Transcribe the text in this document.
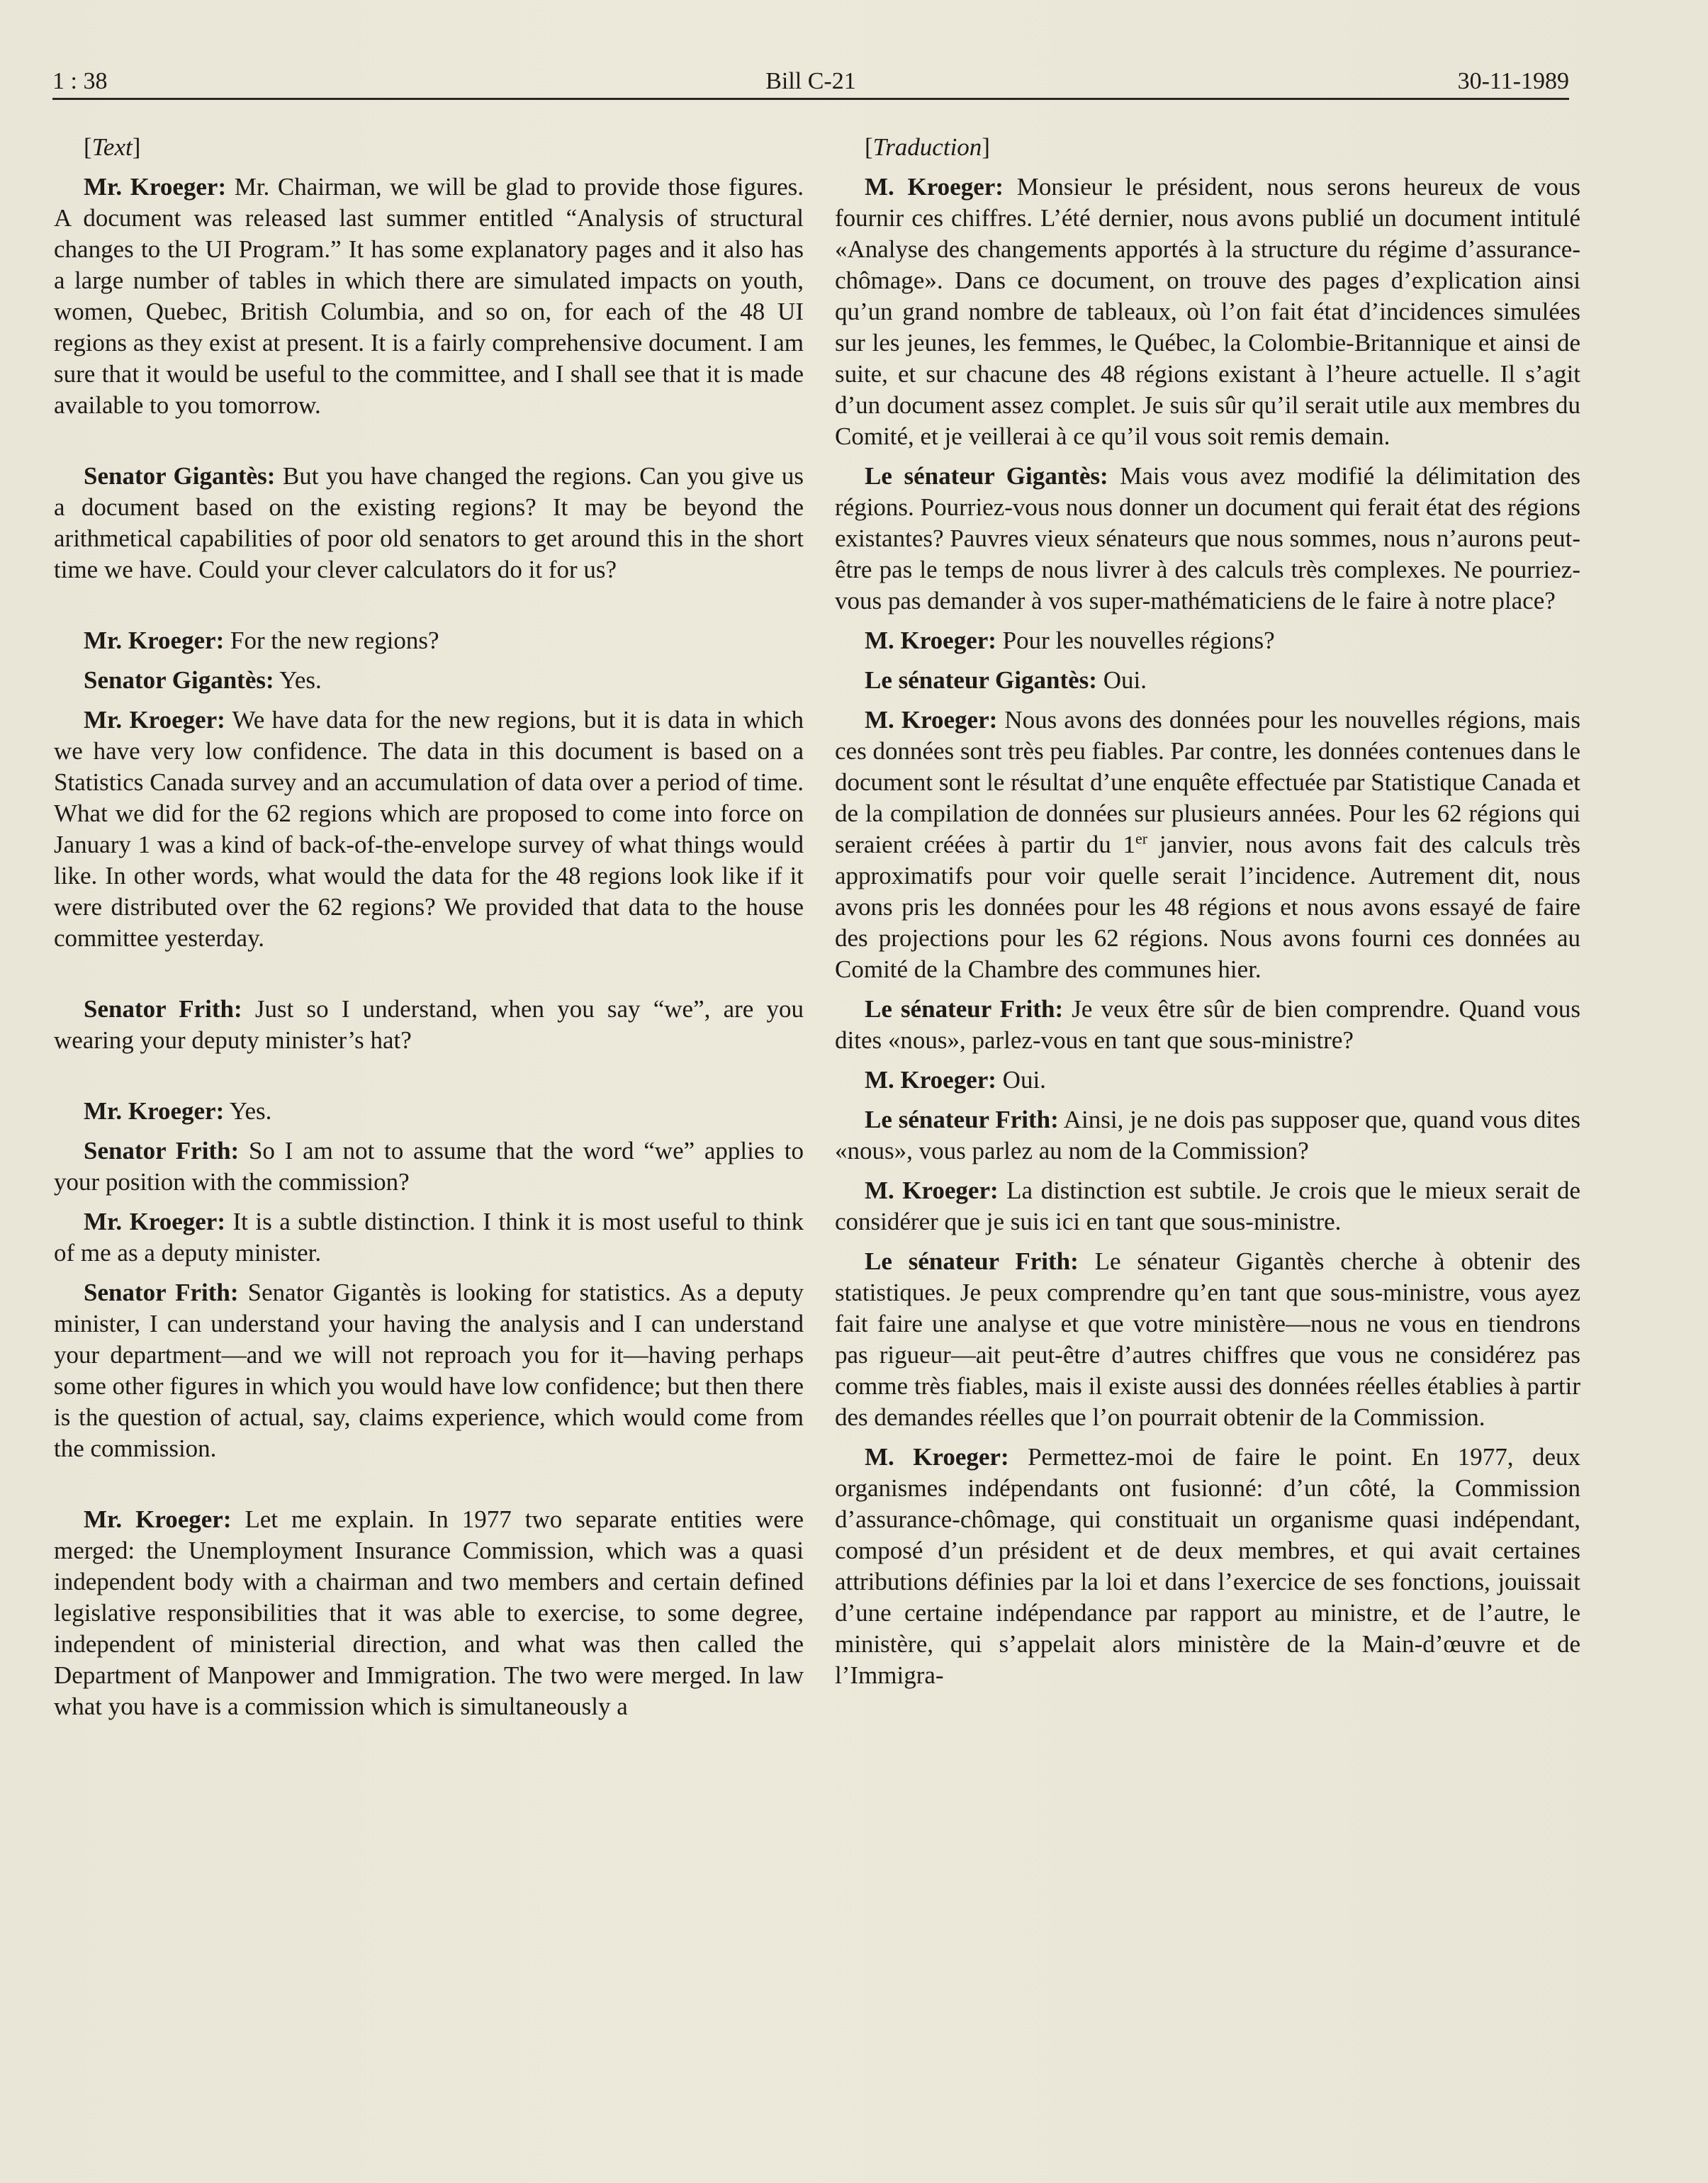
1 : 38	Bill C-21	30-11-1989

[Text]

Mr. Kroeger: Mr. Chairman, we will be glad to provide those figures. A document was released last summer entitled “Analysis of structural changes to the UI Program.” It has some explanatory pages and it also has a large number of tables in which there are simulated impacts on youth, women, Quebec, British Columbia, and so on, for each of the 48 UI regions as they exist at present. It is a fairly comprehensive document. I am sure that it would be useful to the committee, and I shall see that it is made available to you tomorrow.

Senator Gigantès: But you have changed the regions. Can you give us a document based on the existing regions? It may be beyond the arithmetical capabilities of poor old senators to get around this in the short time we have. Could your clever calculators do it for us?

Mr. Kroeger: For the new regions?

Senator Gigantès: Yes.

Mr. Kroeger: We have data for the new regions, but it is data in which we have very low confidence. The data in this document is based on a Statistics Canada survey and an accumulation of data over a period of time. What we did for the 62 regions which are proposed to come into force on January 1 was a kind of back-of-the-envelope survey of what things would like. In other words, what would the data for the 48 regions look like if it were distributed over the 62 regions? We provided that data to the house committee yesterday.

Senator Frith: Just so I understand, when you say “we”, are you wearing your deputy minister’s hat?

Mr. Kroeger: Yes.

Senator Frith: So I am not to assume that the word “we” applies to your position with the commission?

Mr. Kroeger: It is a subtle distinction. I think it is most useful to think of me as a deputy minister.

Senator Frith: Senator Gigantès is looking for statistics. As a deputy minister, I can understand your having the analysis and I can understand your department—and we will not reproach you for it—having perhaps some other figures in which you would have low confidence; but then there is the question of actual, say, claims experience, which would come from the commission.

Mr. Kroeger: Let me explain. In 1977 two separate entities were merged: the Unemployment Insurance Commission, which was a quasi independent body with a chairman and two members and certain defined legislative responsibilities that it was able to exercise, to some degree, independent of ministerial direction, and what was then called the Department of Manpower and Immigration. The two were merged. In law what you have is a commission which is simultaneously a

[Traduction]

M. Kroeger: Monsieur le président, nous serons heureux de vous fournir ces chiffres. L’été dernier, nous avons publié un document intitulé «Analyse des changements apportés à la structure du régime d’assurance-chômage». Dans ce document, on trouve des pages d’explication ainsi qu’un grand nombre de tableaux, où l’on fait état d’incidences simulées sur les jeunes, les femmes, le Québec, la Colombie-Britannique et ainsi de suite, et sur chacune des 48 régions existant à l’heure actuelle. Il s’agit d’un document assez complet. Je suis sûr qu’il serait utile aux membres du Comité, et je veillerai à ce qu’il vous soit remis demain.

Le sénateur Gigantès: Mais vous avez modifié la délimitation des régions. Pourriez-vous nous donner un document qui ferait état des régions existantes? Pauvres vieux sénateurs que nous sommes, nous n’aurons peut-être pas le temps de nous livrer à des calculs très complexes. Ne pourriez-vous pas demander à vos super-mathématiciens de le faire à notre place?

M. Kroeger: Pour les nouvelles régions?

Le sénateur Gigantès: Oui.

M. Kroeger: Nous avons des données pour les nouvelles régions, mais ces données sont très peu fiables. Par contre, les données contenues dans le document sont le résultat d’une enquête effectuée par Statistique Canada et de la compilation de données sur plusieurs années. Pour les 62 régions qui seraient créées à partir du 1er janvier, nous avons fait des calculs très approximatifs pour voir quelle serait l’incidence. Autrement dit, nous avons pris les données pour les 48 régions et nous avons essayé de faire des projections pour les 62 régions. Nous avons fourni ces données au Comité de la Chambre des communes hier.

Le sénateur Frith: Je veux être sûr de bien comprendre. Quand vous dites «nous», parlez-vous en tant que sous-ministre?

M. Kroeger: Oui.

Le sénateur Frith: Ainsi, je ne dois pas supposer que, quand vous dites «nous», vous parlez au nom de la Commission?

M. Kroeger: La distinction est subtile. Je crois que le mieux serait de considérer que je suis ici en tant que sous-ministre.

Le sénateur Frith: Le sénateur Gigantès cherche à obtenir des statistiques. Je peux comprendre qu’en tant que sous-ministre, vous ayez fait faire une analyse et que votre ministère—nous ne vous en tiendrons pas rigueur—ait peut-être d’autres chiffres que vous ne considérez pas comme très fiables, mais il existe aussi des données réelles établies à partir des demandes réelles que l’on pourrait obtenir de la Commission.

M. Kroeger: Permettez-moi de faire le point. En 1977, deux organismes indépendants ont fusionné: d’un côté, la Commission d’assurance-chômage, qui constituait un organisme quasi indépendant, composé d’un président et de deux membres, et qui avait certaines attributions définies par la loi et dans l’exercice de ses fonctions, jouissait d’une certaine indépendance par rapport au ministre, et de l’autre, le ministère, qui s’appelait alors ministère de la Main-d’œuvre et de l’Immigra-
